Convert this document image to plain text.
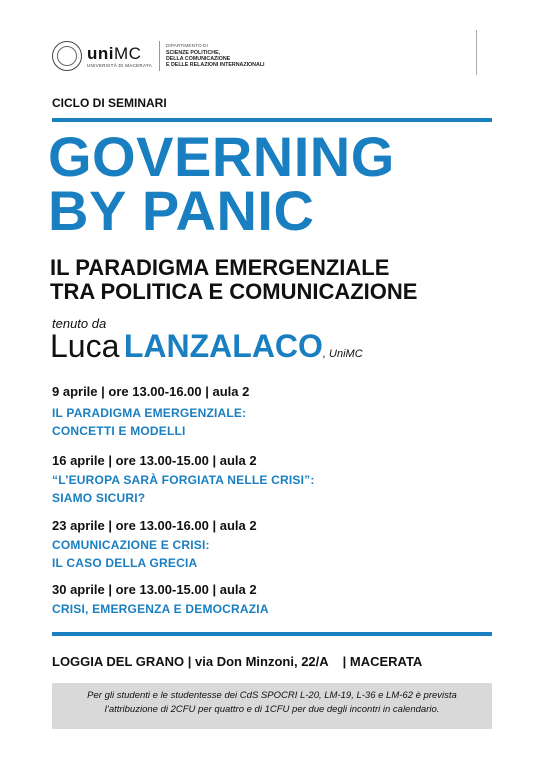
uniMC
UNIVERSITÀ DI MACERATA
DIPARTIMENTO DI
SCIENZE POLITICHE,
DELLA COMUNICAZIONE
E DELLE RELAZIONI INTERNAZIONALI
CICLO DI SEMINARI
GOVERNING
BY PANIC
IL PARADIGMA EMERGENZIALE
TRA POLITICA E COMUNICAZIONE
tenuto da
Luca LANZALACO, UniMC
9 aprile | ore 13.00-16.00 | aula 2
IL PARADIGMA EMERGENZIALE:
CONCETTI E MODELLI
16 aprile | ore 13.00-15.00 | aula 2
“L’EUROPA SARÀ FORGIATA NELLE CRISI”:
SIAMO SICURI?
23 aprile | ore 13.00-16.00 | aula 2
COMUNICAZIONE E CRISI:
IL CASO DELLA GRECIA
30 aprile | ore 13.00-15.00 | aula 2
CRISI, EMERGENZA E DEMOCRAZIA
LOGGIA DEL GRANO | via Don Minzoni, 22/A    | MACERATA
Per gli studenti e le studentesse dei CdS SPOCRI L-20, LM-19, L-36 e LM-62 è prevista
l’attribuzione di 2CFU per quattro e di 1CFU per due degli incontri in calendario.
